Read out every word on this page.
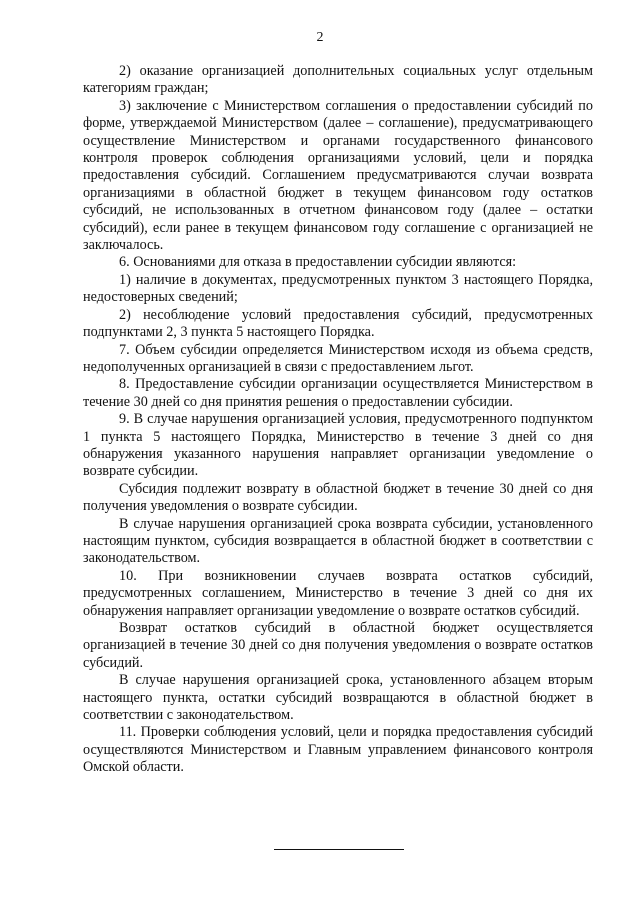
2

2) оказание организацией дополнительных социальных услуг отдельным категориям граждан;

3) заключение с Министерством соглашения о предоставлении субсидий по форме, утверждаемой Министерством (далее – соглашение), предусматривающего осуществление Министерством и органами государственного финансового контроля проверок соблюдения организациями условий, цели и порядка предоставления субсидий. Соглашением предусматриваются случаи возврата организациями в областной бюджет в текущем финансовом году остатков субсидий, не использованных в отчетном финансовом году (далее – остатки субсидий), если ранее в текущем финансовом году соглашение с организацией не заключалось.

6. Основаниями для отказа в предоставлении субсидии являются:

1) наличие в документах, предусмотренных пунктом 3 настоящего Порядка, недостоверных сведений;

2) несоблюдение условий предоставления субсидий, предусмотренных подпунктами 2, 3 пункта 5 настоящего Порядка.

7. Объем субсидии определяется Министерством исходя из объема средств, недополученных организацией в связи с предоставлением льгот.

8. Предоставление субсидии организации осуществляется Министерством в течение 30 дней со дня принятия решения о предоставлении субсидии.

9. В случае нарушения организацией условия, предусмотренного подпунктом 1 пункта 5 настоящего Порядка, Министерство в течение 3 дней со дня обнаружения указанного нарушения направляет организации уведомление о возврате субсидии.

Субсидия подлежит возврату в областной бюджет в течение 30 дней со дня получения уведомления о возврате субсидии.

В случае нарушения организацией срока возврата субсидии, установленного настоящим пунктом, субсидия возвращается в областной бюджет в соответствии с законодательством.

10. При возникновении случаев возврата остатков субсидий, предусмотренных соглашением, Министерство в течение 3 дней со дня их обнаружения направляет организации уведомление о возврате остатков субсидий.

Возврат остатков субсидий в областной бюджет осуществляется организацией в течение 30 дней со дня получения уведомления о возврате остатков субсидий.

В случае нарушения организацией срока, установленного абзацем вторым настоящего пункта, остатки субсидий возвращаются в областной бюджет в соответствии с законодательством.

11. Проверки соблюдения условий, цели и порядка предоставления субсидий осуществляются Министерством и Главным управлением финансового контроля Омской области.
